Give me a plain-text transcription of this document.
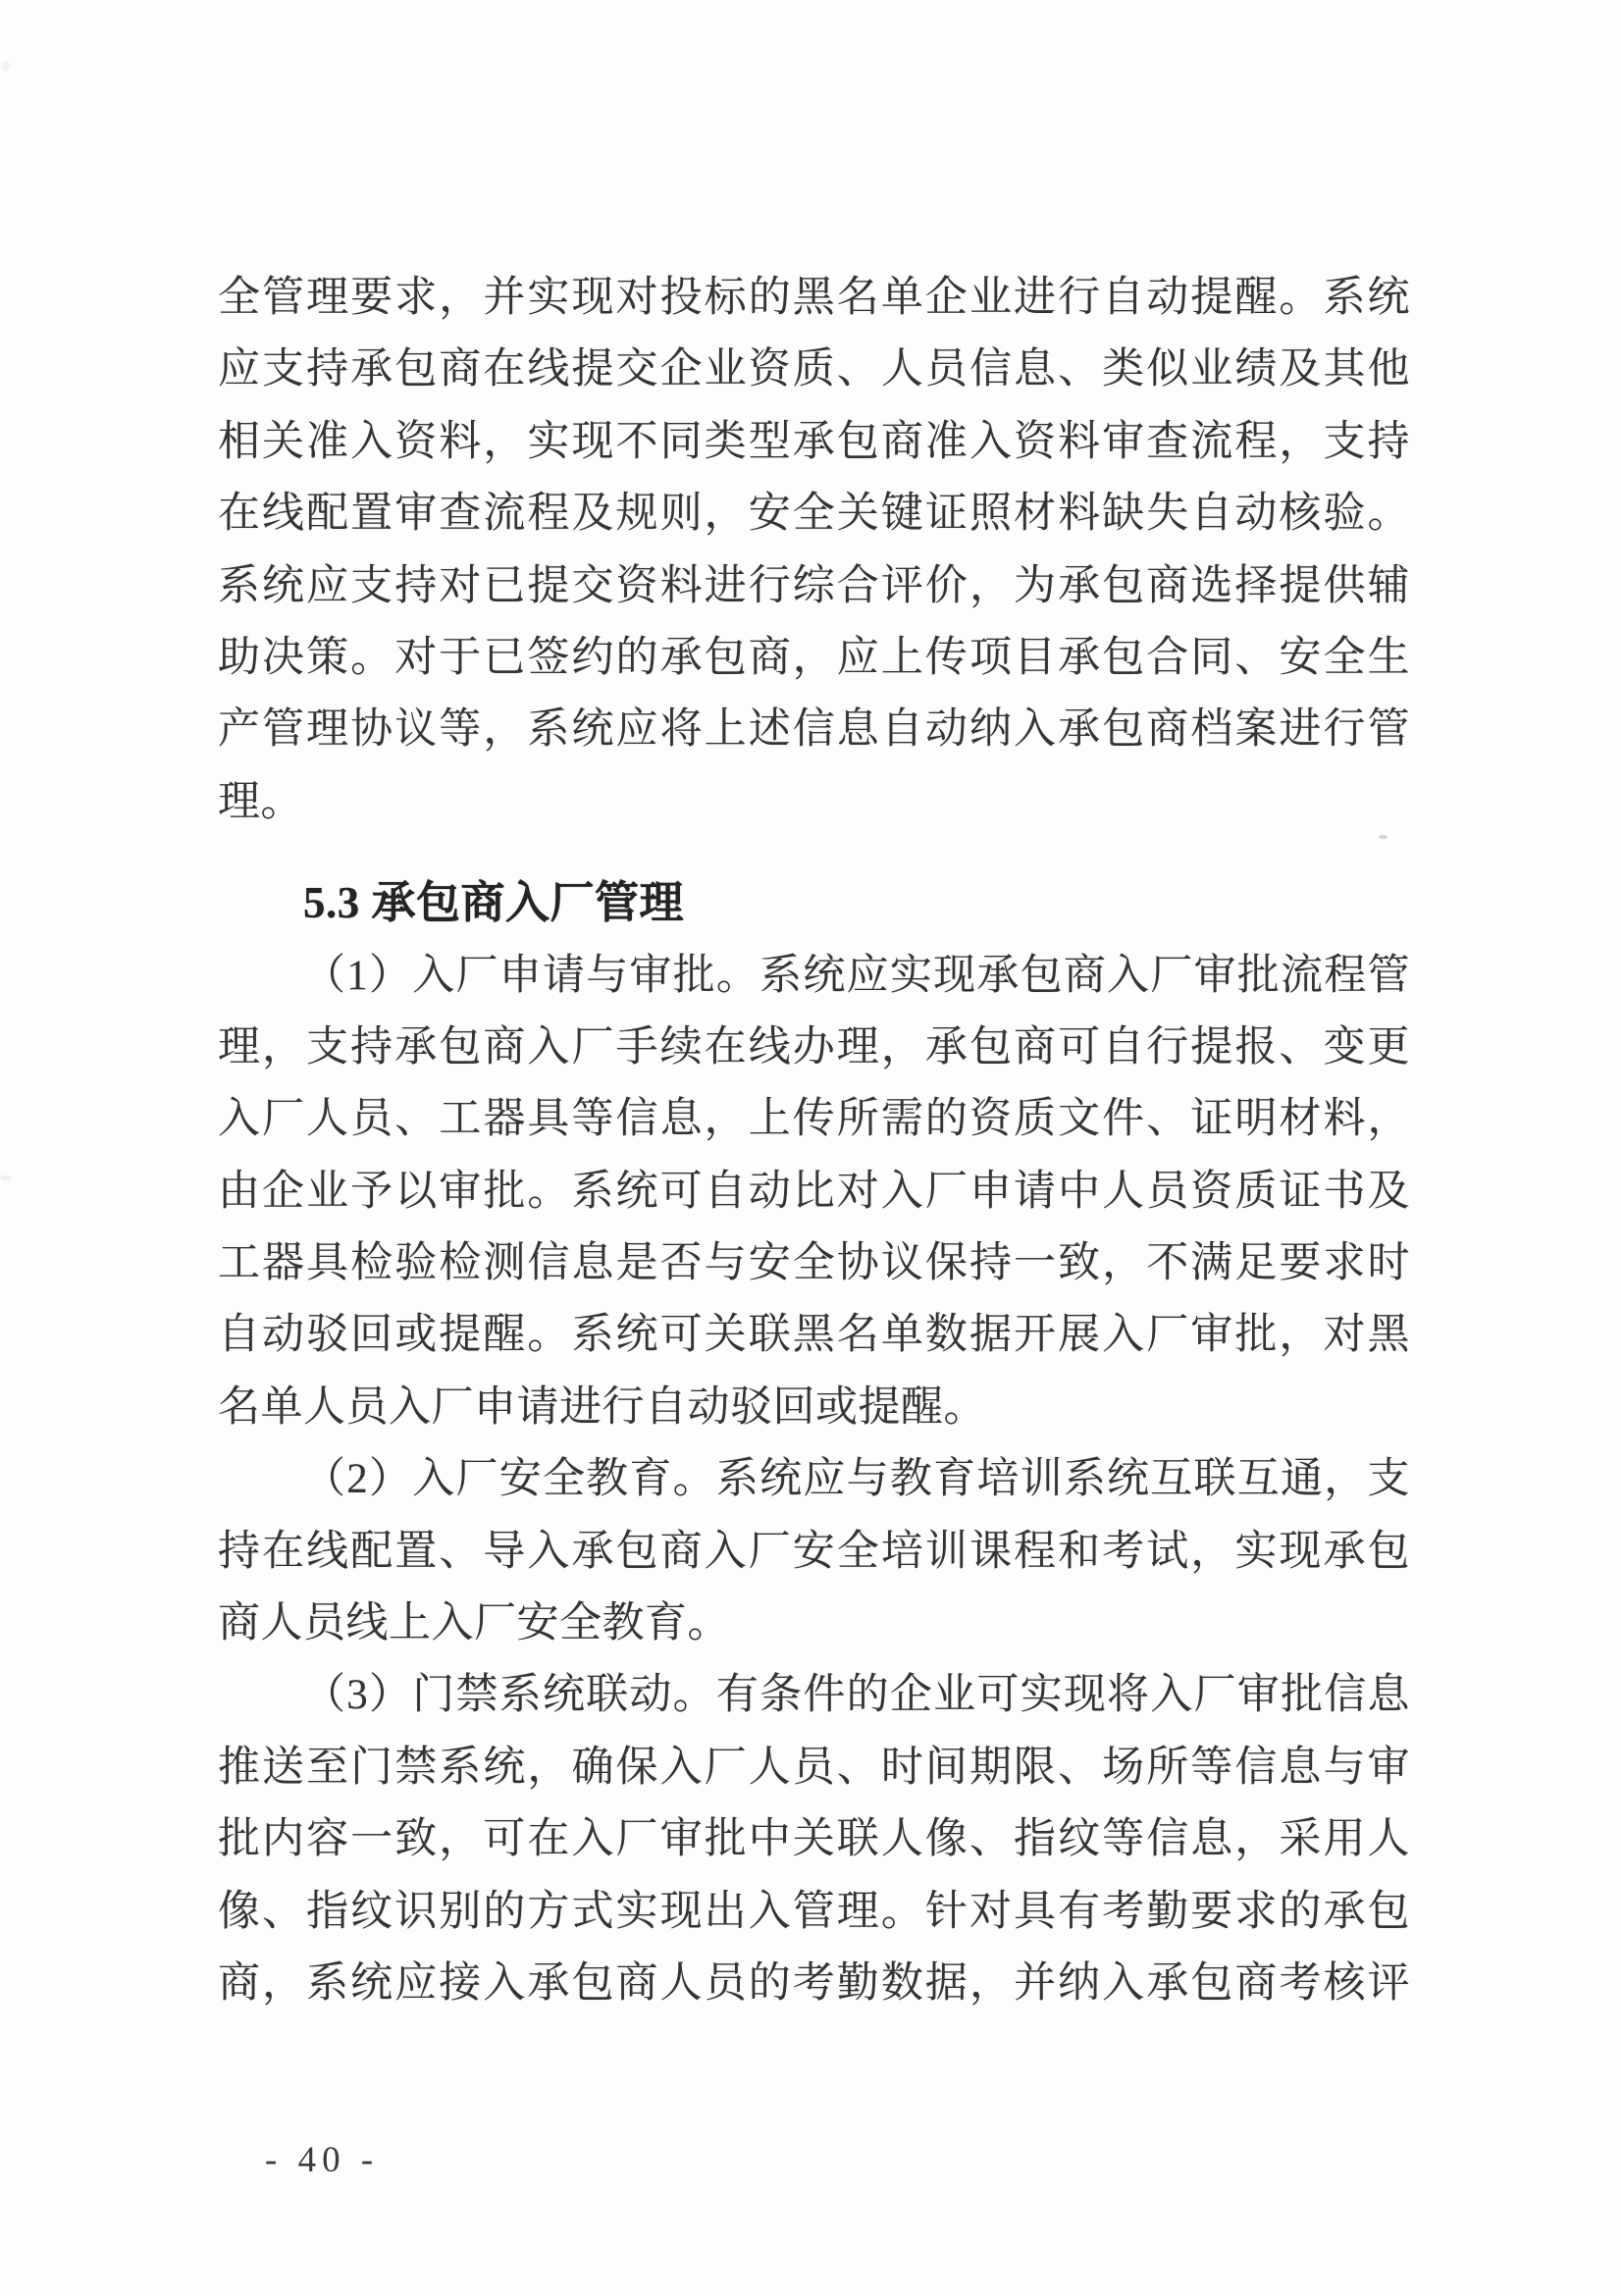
全管理要求，并实现对投标的黑名单企业进行自动提醒。系统
应支持承包商在线提交企业资质、人员信息、类似业绩及其他
相关准入资料，实现不同类型承包商准入资料审查流程，支持
在线配置审查流程及规则，安全关键证照材料缺失自动核验。
系统应支持对已提交资料进行综合评价，为承包商选择提供辅
助决策。对于已签约的承包商，应上传项目承包合同、安全生
产管理协议等，系统应将上述信息自动纳入承包商档案进行管
理。
5.3 承包商入厂管理
（1）入厂申请与审批。系统应实现承包商入厂审批流程管
理，支持承包商入厂手续在线办理，承包商可自行提报、变更
入厂人员、工器具等信息，上传所需的资质文件、证明材料，
由企业予以审批。系统可自动比对入厂申请中人员资质证书及
工器具检验检测信息是否与安全协议保持一致，不满足要求时
自动驳回或提醒。系统可关联黑名单数据开展入厂审批，对黑
名单人员入厂申请进行自动驳回或提醒。
（2）入厂安全教育。系统应与教育培训系统互联互通，支
持在线配置、导入承包商入厂安全培训课程和考试，实现承包
商人员线上入厂安全教育。
（3）门禁系统联动。有条件的企业可实现将入厂审批信息
推送至门禁系统，确保入厂人员、时间期限、场所等信息与审
批内容一致，可在入厂审批中关联人像、指纹等信息，采用人
像、指纹识别的方式实现出入管理。针对具有考勤要求的承包
商，系统应接入承包商人员的考勤数据，并纳入承包商考核评
- 40 -
